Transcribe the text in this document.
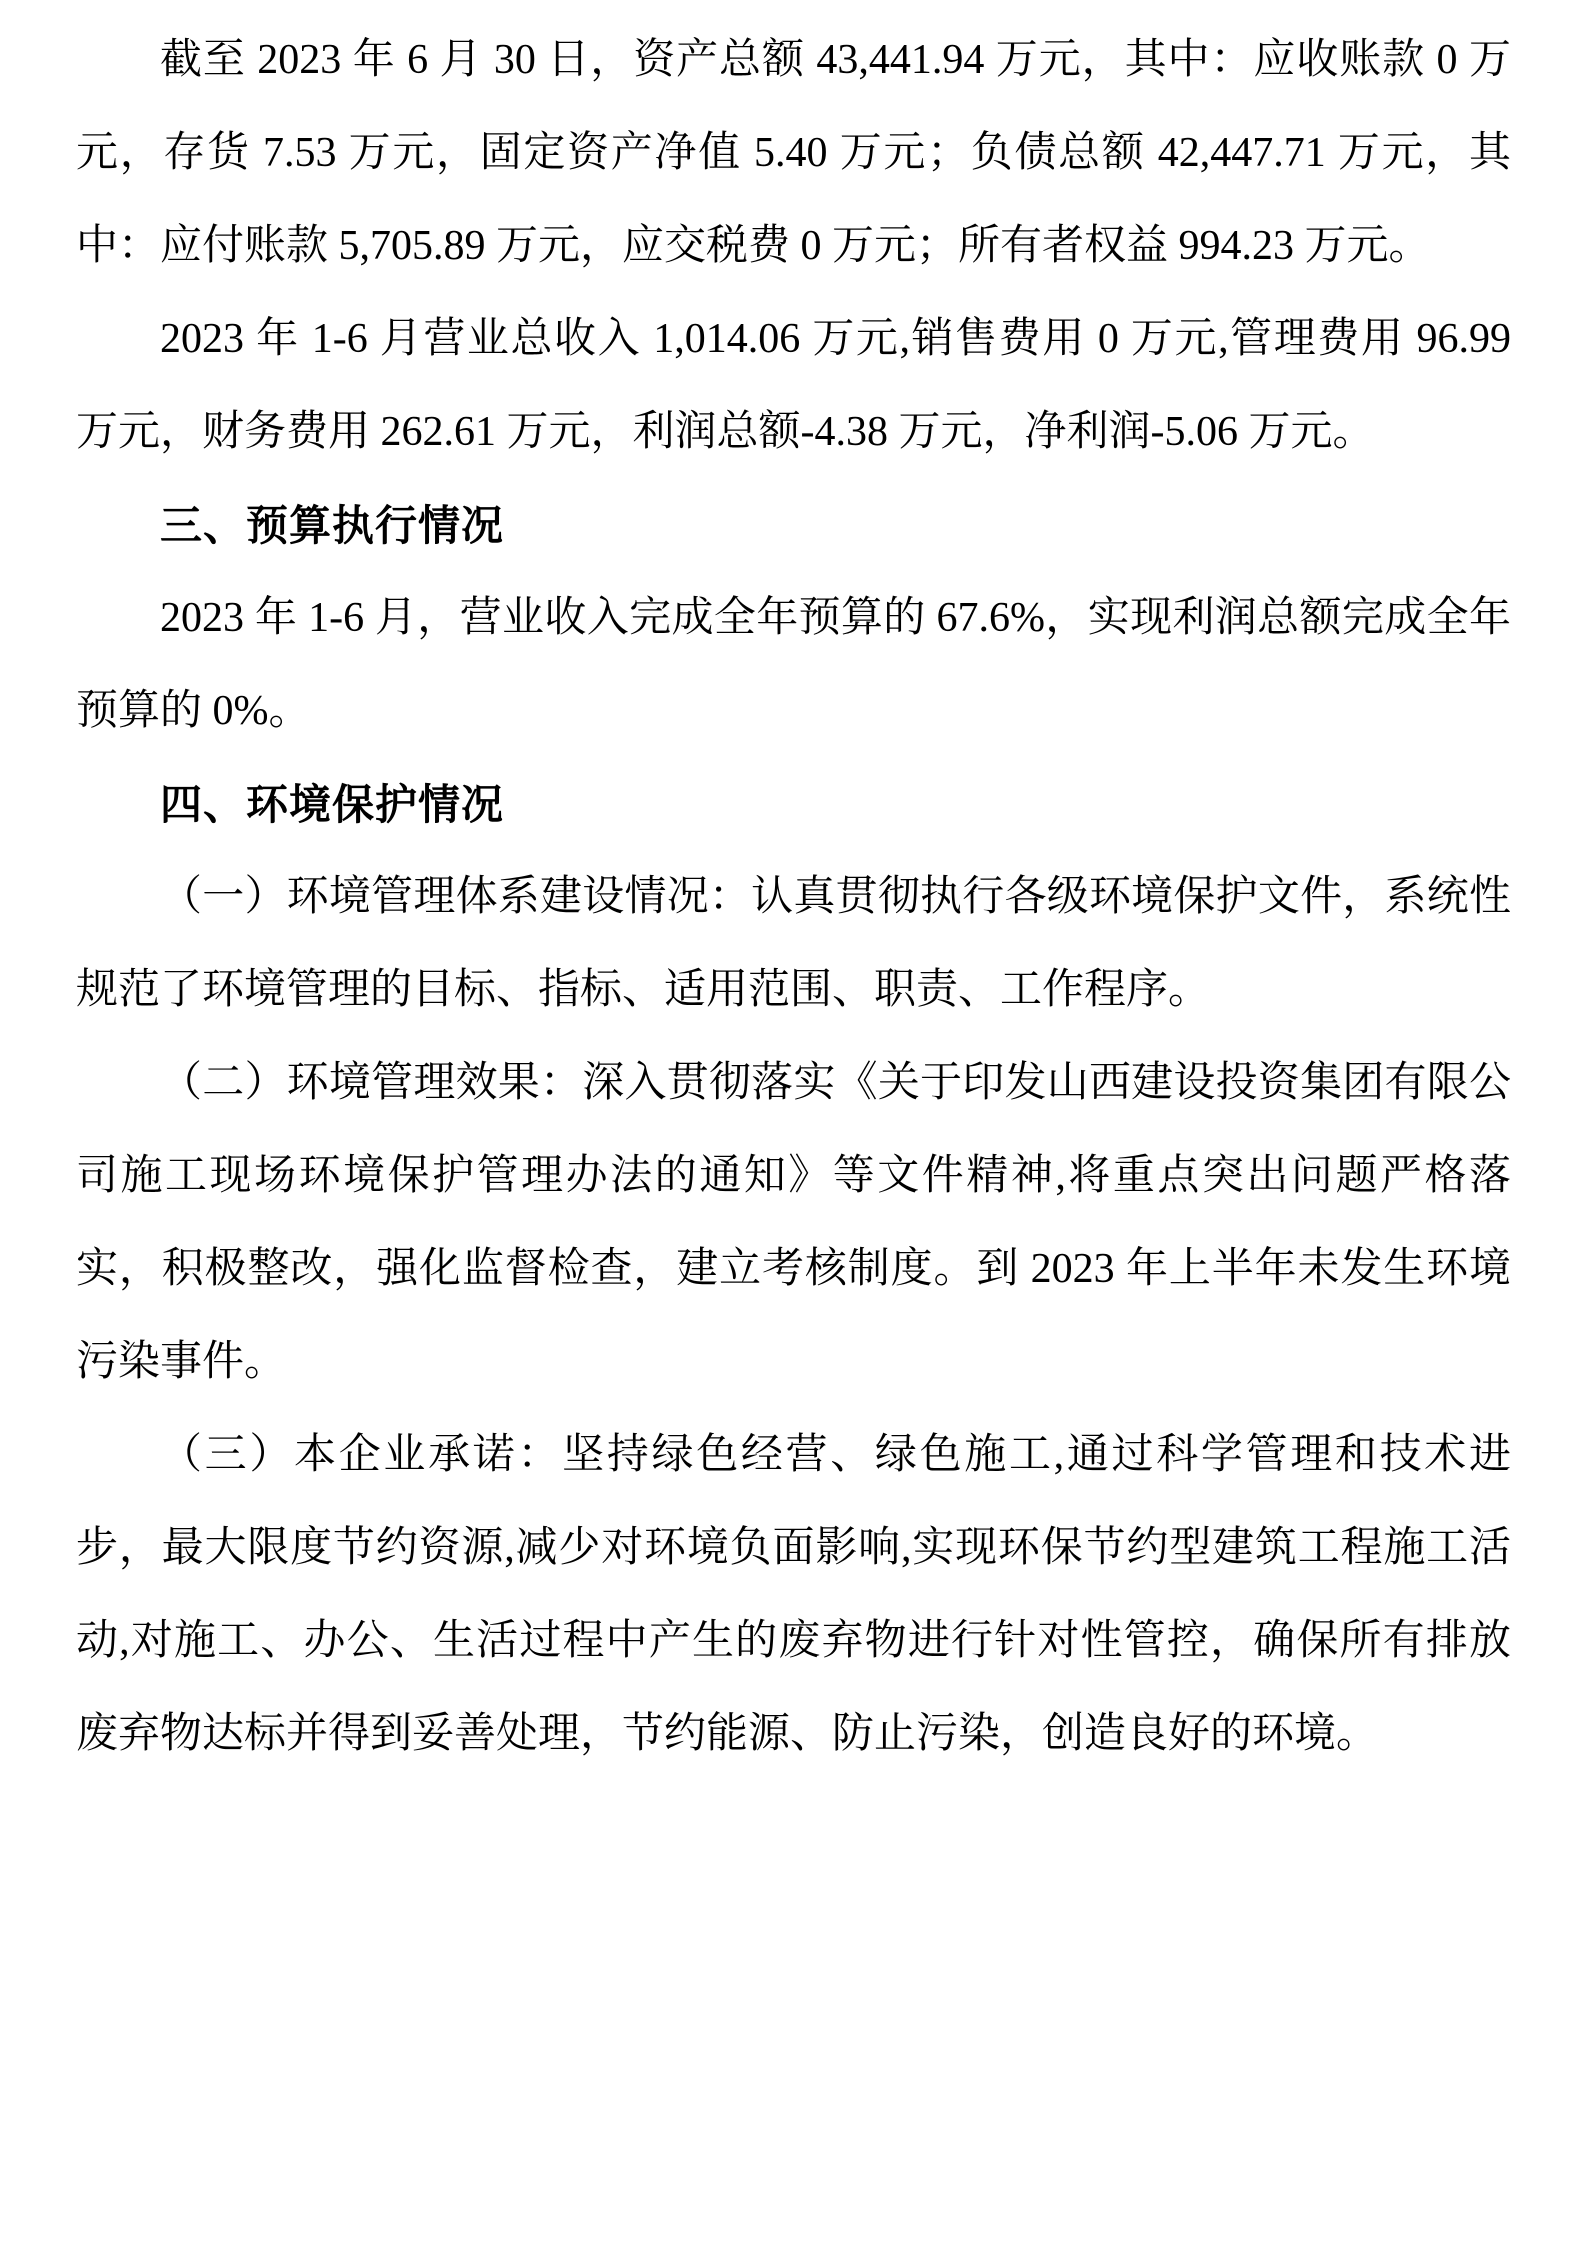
截至 2023 年 6 月 30 日，资产总额 43,441.94 万元，其中：应收账款 0 万元，存货 7.53 万元，固定资产净值 5.40 万元；负债总额 42,447.71 万元，其中：应付账款 5,705.89 万元，应交税费 0 万元；所有者权益 994.23 万元。

2023 年 1-6 月营业总收入 1,014.06 万元,销售费用 0 万元,管理费用 96.99 万元，财务费用 262.61 万元，利润总额-4.38 万元，净利润-5.06 万元。

三、预算执行情况

2023 年 1-6 月，营业收入完成全年预算的 67.6%，实现利润总额完成全年预算的 0%。

四、环境保护情况

（一）环境管理体系建设情况：认真贯彻执行各级环境保护文件，系统性规范了环境管理的目标、指标、适用范围、职责、工作程序。

（二）环境管理效果：深入贯彻落实《关于印发山西建设投资集团有限公司施工现场环境保护管理办法的通知》等文件精神,将重点突出问题严格落实，积极整改，强化监督检查，建立考核制度。到 2023 年上半年未发生环境污染事件。

（三）本企业承诺：坚持绿色经营、绿色施工,通过科学管理和技术进步，最大限度节约资源,减少对环境负面影响,实现环保节约型建筑工程施工活动,对施工、办公、生活过程中产生的废弃物进行针对性管控，确保所有排放废弃物达标并得到妥善处理，节约能源、防止污染，创造良好的环境。
